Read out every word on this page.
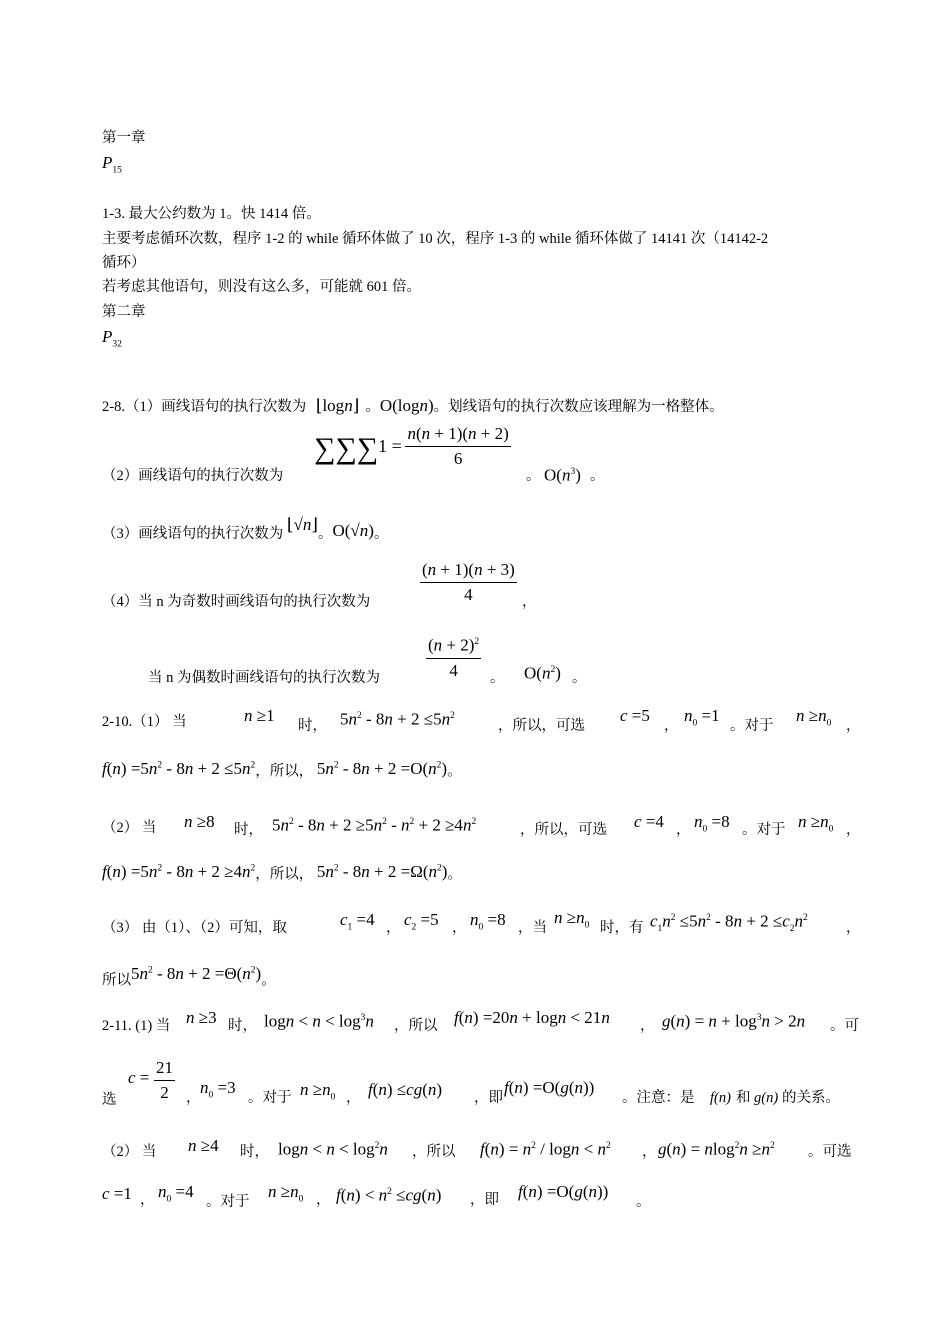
第一章
$P_{15}$
1-3. 最大公约数为 1。快 1414 倍。
主要考虑循环次数，程序 1-2 的 while 循环体做了 10 次，程序 1-3 的 while 循环体做了 14141 次（14142-2
循环）
若考虑其他语句，则没有这么多，可能就 601 倍。
第二章
$P_{32}$
2-8.（1）画线语句的执行次数为 ⌊logn⌋ 。O(logn)。划线语句的执行次数应该理解为一格整体。
（2）画线语句的执行次数为
$\sum\sum\sum 1 = \frac{n(n + 1)(n + 2)}{6}$
。 $O(n^3)$ 。
（3）画线语句的执行次数为 ⌊√n⌋。O(√n)。
（4）当 n 为奇数时画线语句的执行次数为	$\frac{(n + 1)(n + 3)}{4}$ ，
当 n 为偶数时画线语句的执行次数为	$\frac{(n + 2)^2}{4}$ 。 $O(n^2)$ 。
2-10.（1） 当	n ≥1
时， $5n^2 - 8n + 2 \le 5n^2$
，所以，可选
c =5
，
$n_0 =1$
。对于
$n \ge n_0$ ，
$f(n) =5n^2 - 8n + 2 \le 5n^2$，所以， $5n^2 - 8n + 2 =O(n^2)$。
（2） 当 n ≥8 时， $5n^2 - 8n + 2 \ge 5n^2 - n^2 + 2 \ge 4n^2$	，所以，可选 c =4 ， $n_0 =8$ 。对于 $n \ge n_0$ ，
$f(n) =5n^2 - 8n + 2 \ge 4n^2$，所以， $5n^2 - 8n + 2 =\Omega(n^2)$。
（3） 由（1）、（2）可知，取	$c_1 =4$ ， $c_2 =5$ ， $n_0 =8$ ，当
$n \ge n_0$ 时，有 $c_1n^2 \le 5n^2 - 8n + 2 \le c_2n^2$
，
所以$5n^2 - 8n + 2 =\Theta(n^2)$。
2-11. (1) 当 n ≥3 时， $\log n < n < \log^3n$ ，所以 f(n) =20n + logn < 21n ， $g(n) = n + \log^3n > 2n$ 。可
选
$c = \frac{21}{2}$ ，
$n_0 =3$
。对于 $n \ge n_0$ ， f(n) ≤cg(n) ，即
f(n) =O(g(n))
。注意：是 f(n) 和 g(n) 的关系。
（2） 当 n ≥4 时， $\log n < n < \log^2n$ ，所以 $f(n) = n^2 / \log n < n^2$ ， $g(n) = nlog^2n \ge n^2$ 。可选
c =1 ， $n_0 =4$
。对于
$n \ge n_0$ ， $f(n) < n^2 \le cg(n)$ ，即 f(n) =O(g(n))
。
